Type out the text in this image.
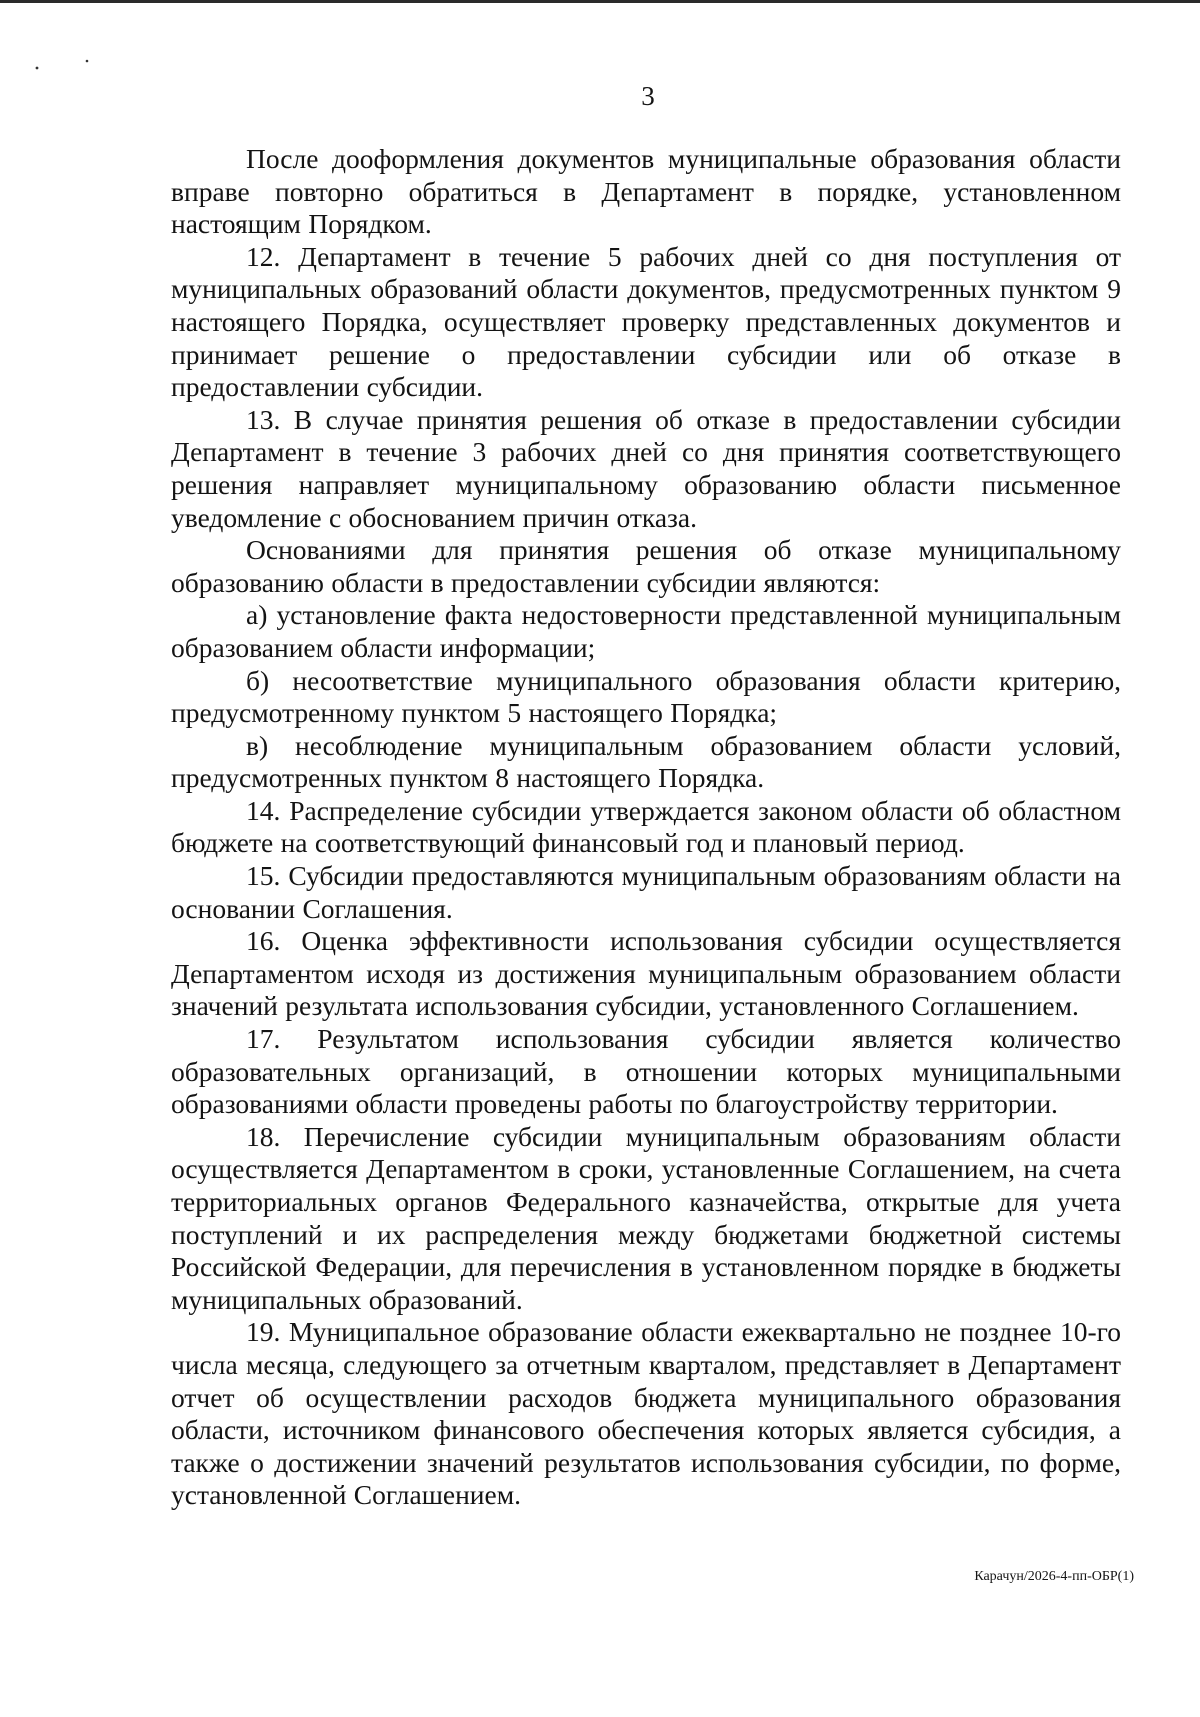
3

После дооформления документов муниципальные образования области вправе повторно обратиться в Департамент в порядке, установленном настоящим Порядком.

12. Департамент в течение 5 рабочих дней со дня поступления от муниципальных образований области документов, предусмотренных пунктом 9 настоящего Порядка, осуществляет проверку представленных документов и принимает решение о предоставлении субсидии или об отказе в предоставлении субсидии.

13. В случае принятия решения об отказе в предоставлении субсидии Департамент в течение 3 рабочих дней со дня принятия соответствующего решения направляет муниципальному образованию области письменное уведомление с обоснованием причин отказа.

Основаниями для принятия решения об отказе муниципальному образованию области в предоставлении субсидии являются:

а) установление факта недостоверности представленной муниципальным образованием области информации;

б) несоответствие муниципального образования области критерию, предусмотренному пунктом 5 настоящего Порядка;

в) несоблюдение муниципальным образованием области условий, предусмотренных пунктом 8 настоящего Порядка.

14. Распределение субсидии утверждается законом области об областном бюджете на соответствующий финансовый год и плановый период.

15. Субсидии предоставляются муниципальным образованиям области на основании Соглашения.

16. Оценка эффективности использования субсидии осуществляется Департаментом исходя из достижения муниципальным образованием области значений результата использования субсидии, установленного Соглашением.

17. Результатом использования субсидии является количество образовательных организаций, в отношении которых муниципальными образованиями области проведены работы по благоустройству территории.

18. Перечисление субсидии муниципальным образованиям области осуществляется Департаментом в сроки, установленные Соглашением, на счета территориальных органов Федерального казначейства, открытые для учета поступлений и их распределения между бюджетами бюджетной системы Российской Федерации, для перечисления в установленном порядке в бюджеты муниципальных образований.

19. Муниципальное образование области ежеквартально не позднее 10-го числа месяца, следующего за отчетным кварталом, представляет в Департамент отчет об осуществлении расходов бюджета муниципального образования области, источником финансового обеспечения которых является субсидия, а также о достижении значений результатов использования субсидии, по форме, установленной Соглашением.

Карачун/2026-4-пп-ОБР(1)
